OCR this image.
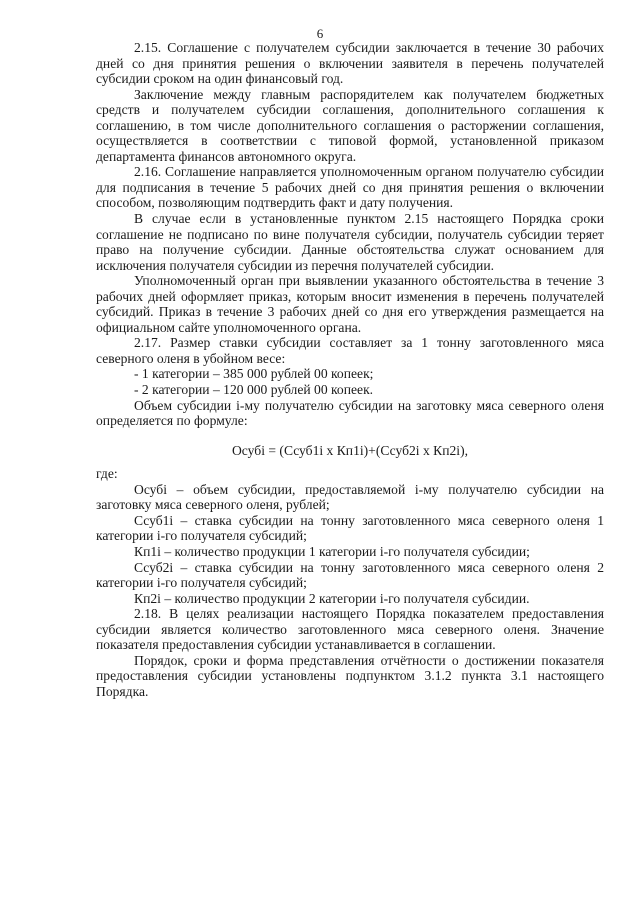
6

2.15. Соглашение с получателем субсидии заключается в течение 30 рабочих дней со дня принятия решения о включении заявителя в перечень получателей субсидии сроком на один финансовый год.

Заключение между главным распорядителем как получателем бюджетных средств и получателем субсидии соглашения, дополнительного соглашения к соглашению, в том числе дополнительного соглашения о расторжении соглашения, осуществляется в соответствии с типовой формой, установленной приказом департамента финансов автономного округа.

2.16. Соглашение направляется уполномоченным органом получателю субсидии для подписания в течение 5 рабочих дней со дня принятия решения о включении способом, позволяющим подтвердить факт и дату получения.

В случае если в установленные пунктом 2.15 настоящего Порядка сроки соглашение не подписано по вине получателя субсидии, получатель субсидии теряет право на получение субсидии. Данные обстоятельства служат основанием для исключения получателя субсидии из перечня получателей субсидии.

Уполномоченный орган при выявлении указанного обстоятельства в течение 3 рабочих дней оформляет приказ, которым вносит изменения в перечень получателей субсидий. Приказ в течение 3 рабочих дней со дня его утверждения размещается на официальном сайте уполномоченного органа.

2.17. Размер ставки субсидии составляет за 1 тонну заготовленного мяса северного оленя в убойном весе:

- 1 категории – 385 000 рублей 00 копеек;

- 2 категории – 120 000 рублей 00 копеек.

Объем субсидии i-му получателю субсидии на заготовку мяса северного оленя определяется по формуле:

Осубi = (Ссуб1i х Кп1i)+(Ссуб2i х Кп2i),

где:

Осубi – объем субсидии, предоставляемой i-му получателю субсидии на заготовку мяса северного оленя, рублей;

Ссуб1i – ставка субсидии на тонну заготовленного мяса северного оленя 1 категории i-го получателя субсидий;

Кп1i – количество продукции 1 категории i-го получателя субсидии;

Ссуб2i – ставка субсидии на тонну заготовленного мяса северного оленя 2 категории i-го получателя субсидий;

Кп2i – количество продукции 2 категории i-го получателя субсидии.

2.18. В целях реализации настоящего Порядка показателем предоставления субсидии является количество заготовленного мяса северного оленя. Значение показателя предоставления субсидии устанавливается в соглашении.

Порядок, сроки и форма представления отчётности о достижении показателя предоставления субсидии установлены подпунктом 3.1.2 пункта 3.1 настоящего Порядка.
